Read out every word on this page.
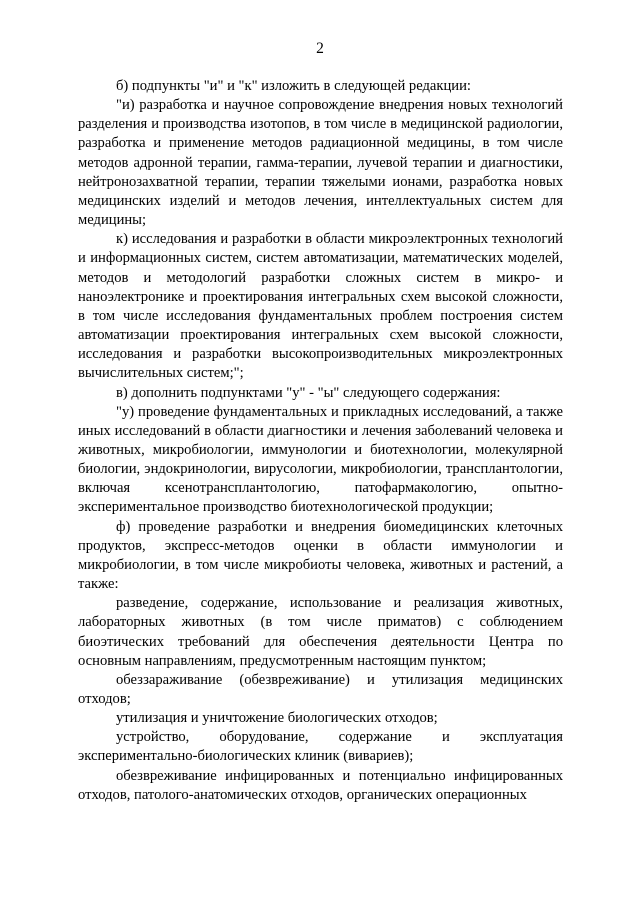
2

б) подпункты "и" и "к" изложить в следующей редакции:

"и) разработка и научное сопровождение внедрения новых технологий разделения и производства изотопов, в том числе в медицинской радиологии, разработка и применение методов радиационной медицины, в том числе методов адронной терапии, гамма-терапии, лучевой терапии и диагностики, нейтронозахватной терапии, терапии тяжелыми ионами, разработка новых медицинских изделий и методов лечения, интеллектуальных систем для медицины;

к) исследования и разработки в области микроэлектронных технологий и информационных систем, систем автоматизации, математических моделей, методов и методологий разработки сложных систем в микро- и наноэлектронике и проектирования интегральных схем высокой сложности, в том числе исследования фундаментальных проблем построения систем автоматизации проектирования интегральных схем высокой сложности, исследования и разработки высокопроизводительных микроэлектронных вычислительных систем;";

в) дополнить подпунктами "у" - "ы" следующего содержания:

"у) проведение фундаментальных и прикладных исследований, а также иных исследований в области диагностики и лечения заболеваний человека и животных, микробиологии, иммунологии и биотехнологии, молекулярной биологии, эндокринологии, вирусологии, микробиологии, трансплантологии, включая ксенотрансплантологию, патофармакологию, опытно-экспериментальное производство биотехнологической продукции;

ф) проведение разработки и внедрения биомедицинских клеточных продуктов, экспресс-методов оценки в области иммунологии и микробиологии, в том числе микробиоты человека, животных и растений, а также:

разведение, содержание, использование и реализация животных, лабораторных животных (в том числе приматов) с соблюдением биоэтических требований для обеспечения деятельности Центра по основным направлениям, предусмотренным настоящим пунктом;

обеззараживание (обезвреживание) и утилизация медицинских отходов;

утилизация и уничтожение биологических отходов;

устройство, оборудование, содержание и эксплуатация экспериментально-биологических клиник (вивариев);

обезвреживание инфицированных и потенциально инфицированных отходов, патолого-анатомических отходов, органических операционных
